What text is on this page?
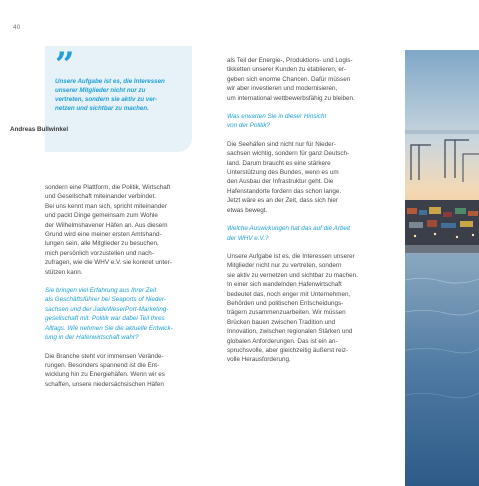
40
”
Unsere Aufgabe ist es, die Interessen
unserer Mitglieder nicht nur zu
vertreten, sondern sie aktiv zu ver-
netzen und sichtbar zu machen.
Andreas Bullwinkel

sondern eine Plattform, die Politik, Wirtschaft
und Gesellschaft miteinander verbindet.
Bei uns kennt man sich, spricht miteinander
und packt Dinge gemeinsam zum Wohle
der Wilhelmshavener Häfen an. Aus diesem
Grund wird eine meiner ersten Amtshand-
lungen sein, alle Mitglieder zu besuchen,
mich persönlich vorzustellen und nach-
zufragen, wie die WHV e.V. sie konkret unter-
stützen kann.

Sie bringen viel Erfahrung aus Ihrer Zeit
als Geschäftsführer bei Seaports of Nieder-
sachsen und der JadeWeserPort-Marketing-
gesellschaft mit. Politik war dabei Teil Ihres
Alltags. Wie nehmen Sie die aktuelle Entwick-
lung in der Hafenwirtschaft wahr?

Die Branche steht vor immensen Verände-
rungen. Besonders spannend ist die Ent-
wicklung hin zu Energiehäfen. Wenn wir es
schaffen, unsere niedersächsischen Häfen

als Teil der Energie-, Produktions- und Logis-
tikketten unserer Kunden zu etablieren, er-
geben sich enorme Chancen. Dafür müssen
wir aber investieren und modernisieren,
um international wettbewerbsfähig zu bleiben.

Was erwarten Sie in dieser Hinsicht
von der Politik?

Die Seehäfen sind nicht nur für Nieder-
sachsen wichtig, sondern für ganz Deutsch-
land. Darum braucht es eine stärkere
Unterstützung des Bundes, wenn es um
den Ausbau der Infrastruktur geht. Die
Hafenstandorte fordern das schon lange.
Jetzt wäre es an der Zeit, dass sich hier
etwas bewegt.

Welche Auswirkungen hat das auf die Arbeit
der WHV e.V.?

Unsere Aufgabe ist es, die Interessen unserer
Mitglieder nicht nur zu vertreten, sondern
sie aktiv zu vernetzen und sichtbar zu machen.
In einer sich wandelnden Hafenwirtschaft
bedeutet das, noch enger mit Unternehmen,
Behörden und politischen Entscheidungs-
trägern zusammenzuarbeiten. Wir müssen
Brücken bauen zwischen Tradition und
Innovation, zwischen regionalen Stärken und
globalen Anforderungen. Das ist ein an-
spruchsvolle, aber gleichzeitig äußerst reiz-
volle Herausforderung.
